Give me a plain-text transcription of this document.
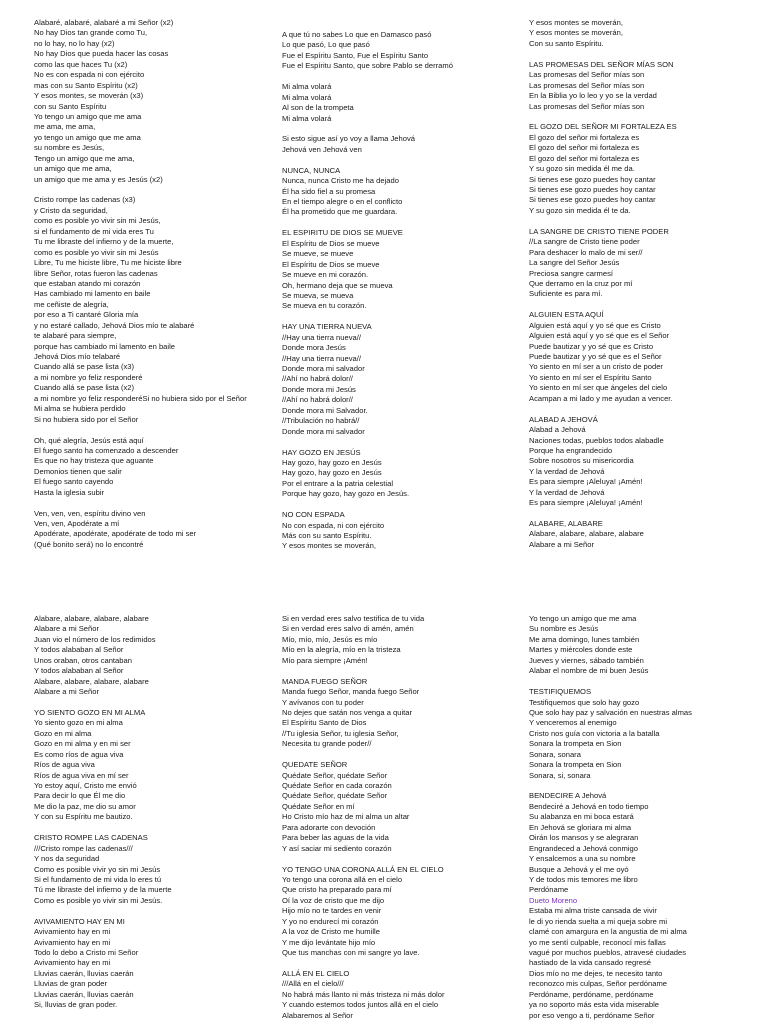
Alabaré, alabaré, alabaré a mi Señor (x2)
No hay Dios tan grande como Tu,
no lo hay, no lo hay (x2)
No hay Dios que pueda hacer las cosas
como las que haces Tu (x2)
No es con espada ni con ejército
mas con su Santo Espíritu (x2)
Y esos montes, se moverán (x3)
con su Santo Espíritu
Yo tengo un amigo que me ama
me ama, me ama,
yo tengo un amigo que me ama
su nombre es Jesús,
Tengo un amigo que me ama,
un amigo que me ama,
un amigo que me ama y es Jesús (x2)
Cristo rompe las cadenas (x3)
y Cristo da seguridad,
como es posible yo vivir sin mi Jesús,
si el fundamento de mi vida eres Tu
Tu me libraste del infierno y de la muerte,
como es posible yo vivir sin mi Jesús
Libre, Tu me hiciste libre, Tu me hiciste libre
libre Señor, rotas fueron las cadenas
que estaban atando mi corazón
Has cambiado mi lamento en baile
me ceñiste de alegría,
por eso a Ti cantaré Gloria mía
y no estaré callado, Jehová Dios mío te alabaré
te alabaré para siempre,
porque has cambiado mi lamento en baile
Jehová Dios mío telabaré
Cuando allá se pase lista (x3)
a mi nombre yo feliz responderé
Cuando allá se pase lista (x2)
a mi nombre yo feliz responderéSi no hubiera sido por el Señor
Mi alma se hubiera perdido
Si no hubiera sido por el Señor
Oh, qué alegría, Jesús está aquí
El fuego santo ha comenzado a descender
Es que no hay tristeza que aguante
Demonios tienen que salir
El fuego santo cayendo
Hasta la iglesia subir
Ven, ven, ven, espíritu divino ven
Ven, ven, Apodérate a mí
Apodérate, apodérate, apodérate de todo mi ser
(Qué bonito será) no lo encontré
A que tú no sabes Lo que en Damasco pasó
Lo que pasó, Lo que pasó
Fue el Espíritu Santo, Fue el Espíritu Santo
Fue el Espíritu Santo, que sobre Pablo se derramó
Mi alma volará
Mi alma volará
Al son de la trompeta
Mi alma volará
Si esto sigue así yo voy a llama Jehová
Jehová ven Jehová ven
NUNCA, NUNCA
Nunca, nunca Cristo me ha dejado
Él ha sido fiel a su promesa
En el tiempo alegre o en el conflicto
Él ha prometido que me guardara.
EL ESPIRITU DE DIOS SE MUEVE
El Espíritu de Dios se mueve
Se mueve, se mueve
El Espíritu de Dios se mueve
Se mueve en mi corazón.
Oh, hermano deja que se mueva
Se mueva, se mueva
Se mueva en tu corazón.
HAY UNA TIERRA NUEVA
//Hay una tierra nueva//
Donde mora Jesús
//Hay una tierra nueva//
Donde mora mi salvador
//Ahí no habrá dolor//
Donde mora mi Jesús
//Ahí no habrá dolor//
Donde mora mi Salvador.
//Tribulación no habrá//
Donde mora mi salvador
HAY GOZO EN JESÚS
Hay gozo, hay gozo en Jesús
Hay gozo, hay gozo en Jesús
Por el entrare a la patria celestial
Porque hay gozo, hay gozo en Jesús.
NO CON ESPADA
No con espada, ni con ejército
Más con su santo Espíritu.
Y esos montes se moverán,
Y esos montes se moverán,
Y esos montes se moverán,
Con su santo Espíritu.
LAS PROMESAS DEL SEÑOR MÍAS SON
Las promesas del Señor mías son
Las promesas del Señor mías son
En la Biblia yo lo leo y yo se la verdad
Las promesas del Señor mías son
EL GOZO DEL SEÑOR MI FORTALEZA ES
El gozo del señor mi fortaleza es
El gozo del señor mi fortaleza es
El gozo del señor mi fortaleza es
Y su gozo sin medida él me da.
Si tienes ese gozo puedes hoy cantar
Si tienes ese gozo puedes hoy cantar
Si tienes ese gozo puedes hoy cantar
Y su gozo sin medida él te da.
LA SANGRE DE CRISTO TIENE PODER
//La sangre de Cristo tiene poder
Para deshacer lo malo de mi ser//
La sangre del Señor Jesús
Preciosa sangre carmesí
Que derramo en la cruz por mí
Suficiente es para mí.
ALGUIEN ESTA AQUÍ
Alguien está aquí y yo sé que es Cristo
Alguien está aquí y yo sé que es el Señor
Puede bautizar y yo sé que es Cristo
Puede bautizar y yo sé que es el Señor
Yo siento en mí ser a un cristo de poder
Yo siento en mí ser el Espíritu Santo
Yo siento en mí ser que ángeles del cielo
Acampan a mi lado y me ayudan a vencer.
ALABAD A JEHOVÁ
Alabad a Jehová
Naciones todas, pueblos todos alabadle
Porque ha engrandecido
Sobre nosotros su misericordia
Y la verdad de Jehová
Es para siempre ¡Aleluya! ¡Amén!
Y la verdad de Jehová
Es para siempre ¡Aleluya! ¡Amén!
ALABARE, ALABARE
Alabare, alabare, alabare, alabare
Alabare a mi Señor
Alabare, alabare, alabare, alabare
Alabare a mi Señor
Juan vio el número de los redimidos
Y todos alababan al Señor
Unos oraban, otros cantaban
Y todos alababan al Señor
Alabare, alabare, alabare, alabare
Alabare a mi Señor
YO SIENTO GOZO EN MI ALMA
Yo siento gozo en mi alma
Gozo en mi alma
Gozo en mi alma y en mi ser
Es como ríos de agua viva
Ríos de agua viva
Ríos de agua viva en mí ser
Yo estoy aquí, Cristo me envió
Para decir lo que Él me dio
Me dio la paz, me dio su amor
Y con su Espíritu me bautizo.
CRISTO ROMPE LAS CADENAS
///Cristo rompe las cadenas///
Y nos da seguridad
Como es posible vivir yo sin mi Jesús
Si el fundamento de mi vida lo eres tú
Tú me libraste del infierno y de la muerte
Como es posible yo vivir sin mi Jesús.
AVIVAMIENTO HAY EN MI
Avivamiento hay en mi
Avivamiento hay en mi
Todo lo debo a Cristo mi Señor
Avivamiento hay en mi
Lluvias caerán, lluvias caerán
Lluvias de gran poder
Lluvias caerán, lluvias caerán
Si, lluvias de gran poder.
Si en verdad eres salvo testifica de tu vida
Si en verdad eres salvo di amén, amén
Mío, mío, mío, Jesús es mío
Mío en la alegría, mío en la tristeza
Mío para siempre ¡Amén!
MANDA FUEGO SEÑOR
Manda fuego Señor, manda fuego Señor
Y avívanos con tu poder
No dejes que satán nos venga a quitar
El Espíritu Santo de Dios
//Tu iglesia Señor, tu iglesia Señor,
Necesita tu grande poder//
QUEDATE SEÑOR
Quédate Señor, quédate Señor
Quédate Señor en cada corazón
Quédate Señor, quédate Señor
Quédate Señor en mí
Ho Cristo mío haz de mi alma un altar
Para adorarte con devoción
Para beber las aguas de la vida
Y así saciar mi sediento corazón
YO TENGO UNA CORONA ALLÁ EN EL CIELO
Yo tengo una corona allá en el cielo
Que cristo ha preparado para mí
Oí la voz de cristo que me dijo
Hijo mío no te tardes en venir
Y yo no endurecí mi corazón
A la voz de Cristo me humille
Y me dijo levántate hijo mío
Que tus manchas con mi sangre yo lave.
ALLÁ EN EL CIELO
///Allá en el cielo///
No habrá más llanto ni más tristeza ni más dolor
Y cuando estemos todos juntos allá en el cielo
Alabaremos al Señor
Yo tengo un amigo que me ama
Su nombre es Jesús
Me ama domingo, lunes también
Martes y miércoles donde este
Jueves y viernes, sábado también
Alabar el nombre de mi buen Jesús
TESTIFIQUEMOS
Testifiquemos que solo hay gozo
Que solo hay paz y salvación en nuestras almas
Y venceremos al enemigo
Cristo nos guía con victoria a la batalla
Sonara la trompeta en Sion
Sonara, sonara
Sonara la trompeta en Sion
Sonara, si, sonara
BENDECIRE A Jehová
Bendeciré a Jehová en todo tiempo
Su alabanza en mi boca estará
En Jehová se gloriara mi alma
Oirán los mansos y se alegraran
Engrandeced a Jehová conmigo
Y ensalcemos a una su nombre
Busque a Jehová y el me oyó
Y de todos mis temores me libro
Perdóname
Dueto Moreno
Estaba mi alma triste cansada de vivir
le di yo rienda suelta a mi queja sobre mi
clamé con amargura en la angustia de mi alma
yo me sentí culpable, reconocí mis fallas
vagué por muchos pueblos, atravesé ciudades
hastiado de la vida cansado regresé
Dios mío no me dejes, te necesito tanto
reconozco mis culpas, Señor perdóname
Perdóname, perdóname, perdóname
ya no soporto más esta vida miserable
por eso vengo a ti, perdóname Señor
